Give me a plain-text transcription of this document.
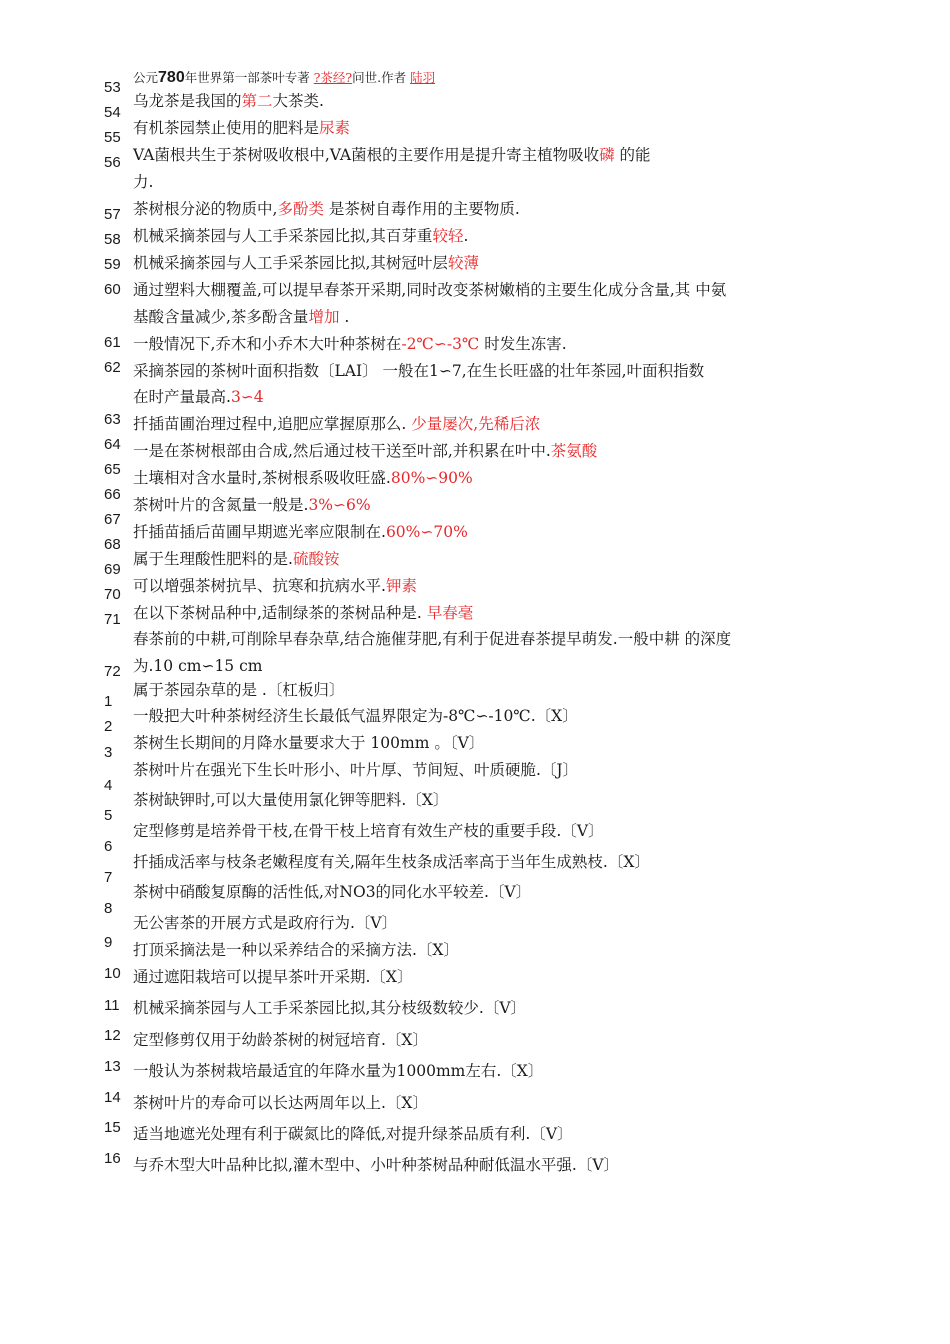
公元780年世界第一部茶叶专著 ?茶经?问世.作者 陆羽
53
54
55
56
57
58
59
60
61
62
63
64
65
66
67
68
69
70
71
72
1
2
3
4
5
6
7
8
9
10
11
12
13
14
15
16
乌龙茶是我国的第二大茶类.
有机茶园禁止使用的肥料是尿素
VA菌根共生于茶树吸收根中,VA菌根的主要作用是提升寄主植物吸收磷 的能
力.
茶树根分泌的物质中,多酚类 是茶树自毒作用的主要物质.
机械采摘茶园与人工手采茶园比拟,其百芽重较轻.
机械采摘茶园与人工手采茶园比拟,其树冠叶层较薄
通过塑料大棚覆盖,可以提早春茶开采期,同时改变茶树嫩梢的主要生化成分含量,其 中氨
基酸含量减少,茶多酚含量增加 .
一般情况下,乔木和小乔木大叶种茶树在-2℃∽-3℃ 时发生冻害.
采摘茶园的茶树叶面积指数〔LAI〕 一般在1∽7,在生长旺盛的壮年茶园,叶面积指数
在时产量最高.3∽4
扦插苗圃治理过程中,追肥应掌握原那么. 少量屡次,先稀后浓
一是在茶树根部由合成,然后通过枝干送至叶部,并积累在叶中.茶氨酸
土壤相对含水量时,茶树根系吸收旺盛.80%∽90%
茶树叶片的含氮量一般是.3%∽6%
扦插苗插后苗圃早期遮光率应限制在.60%∽70%
属于生理酸性肥料的是.硫酸铵
可以增强茶树抗旱、抗寒和抗病水平.钾素
在以下茶树品种中,适制绿茶的茶树品种是. 早春毫
春茶前的中耕,可削除早春杂草,结合施催芽肥,有利于促进春茶提早萌发.一般中耕 的深度
为.10 cm∽15 cm
属于茶园杂草的是 .〔杠板归〕
一般把大叶种茶树经济生长最低气温界限定为-8℃∽-10℃.〔X〕
茶树生长期间的月降水量要求大于 100mm 。〔V〕
茶树叶片在强光下生长叶形小、叶片厚、节间短、叶质硬脆.〔J〕
茶树缺钾时,可以大量使用氯化钾等肥料.〔X〕
定型修剪是培养骨干枝,在骨干枝上培育有效生产枝的重要手段.〔V〕
扦插成活率与枝条老嫩程度有关,隔年生枝条成活率高于当年生成熟枝.〔X〕
茶树中硝酸复原酶的活性低,对NO3的同化水平较差.〔V〕
无公害茶的开展方式是政府行为.〔V〕
打顶采摘法是一种以采养结合的采摘方法.〔X〕
通过遮阳栽培可以提早茶叶开采期.〔X〕
机械采摘茶园与人工手采茶园比拟,其分枝级数较少.〔V〕
定型修剪仅用于幼龄茶树的树冠培育.〔X〕
一般认为茶树栽培最适宜的年降水量为1000mm左右.〔X〕
茶树叶片的寿命可以长达两周年以上.〔X〕
适当地遮光处理有利于碳氮比的降低,对提升绿茶品质有利.〔V〕
与乔木型大叶品种比拟,灌木型中、小叶种茶树品种耐低温水平强.〔V〕
